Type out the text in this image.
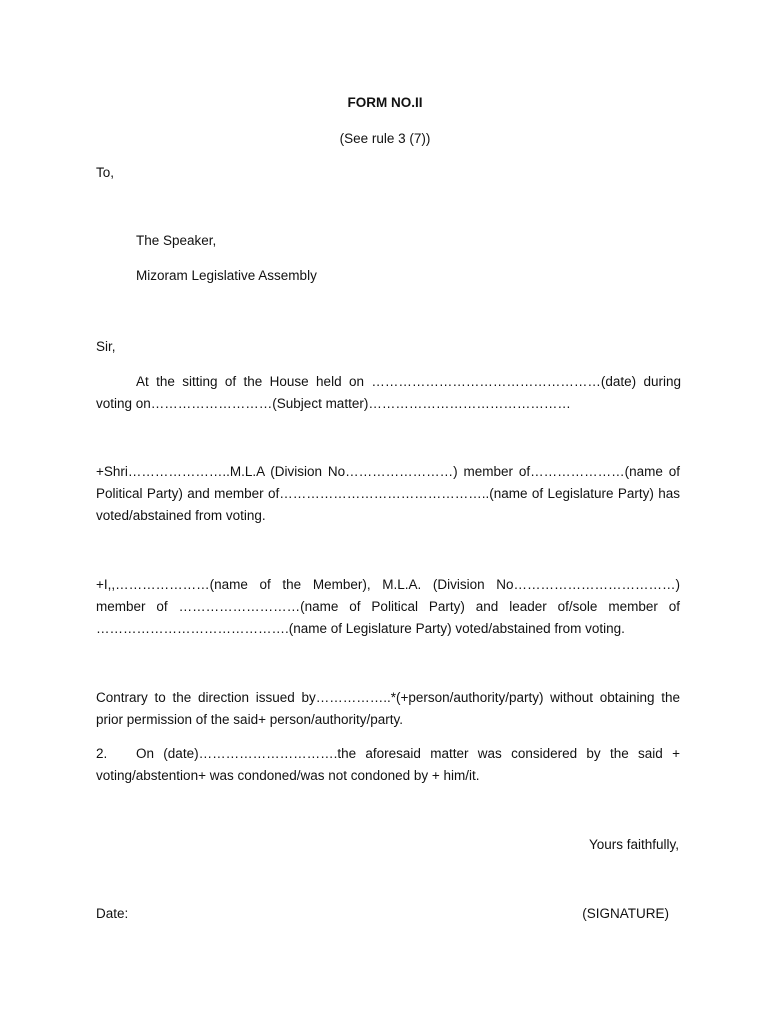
FORM NO.II
(See rule 3 (7))
To,
The Speaker,
Mizoram Legislative Assembly
Sir,

At the sitting of the House held on ……………………………………………(date) during voting on………………………(Subject matter)………………………………………

+Shri…………………..M.L.A (Division No……………………) member of…………………(name of Political Party) and member of………………………………………..(name of Legislature Party) has voted/abstained from voting.

+I,,…………………(name of the Member), M.L.A. (Division No………………………………) member of ………………………(name of Political Party) and leader of/sole member of …………………………………….(name of Legislature Party) voted/abstained from voting.

Contrary to the direction issued by……………..*(+person/authority/party) without obtaining the prior permission of the said+ person/authority/party.

2. On (date)………………………….the aforesaid matter was considered by the said + voting/abstention+ was condoned/was not condoned by + him/it.

Yours faithfully,
Date:	(SIGNATURE)
